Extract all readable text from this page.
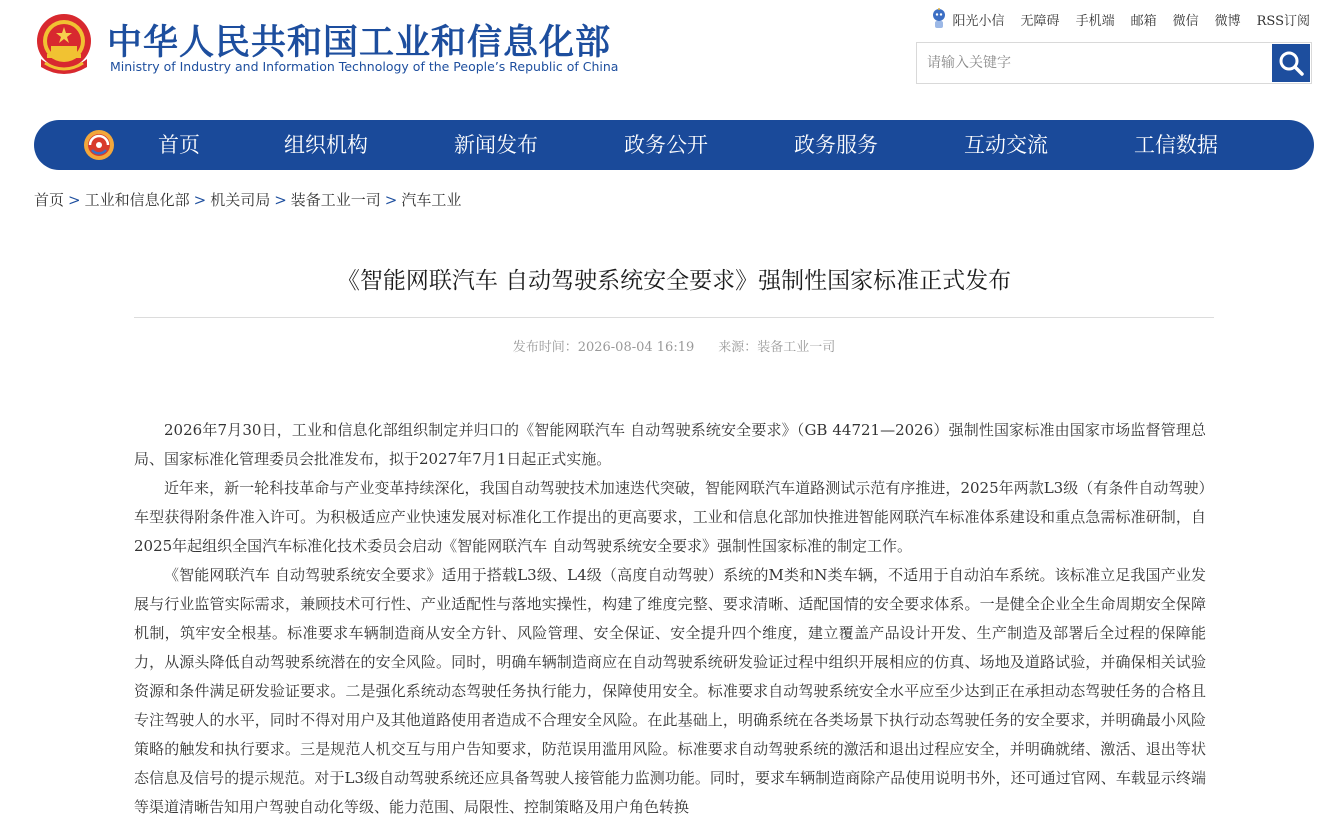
中华人民共和国工业和信息化部
Ministry of Industry and Information Technology of the People’s Republic of China
阳光小信 无障碍 手机端 邮箱 微信 微博 RSS订阅
请输入关键字
首页	组织机构	新闻发布	政务公开	政务服务	互动交流	工信数据
首页 > 工业和信息化部 > 机关司局 > 装备工业一司 > 汽车工业
《智能网联汽车 自动驾驶系统安全要求》强制性国家标准正式发布
发布时间：2026-08-04 16:19 来源：装备工业一司

2026年7月30日，工业和信息化部组织制定并归口的《智能网联汽车 自动驾驶系统安全要求》（GB 44721—2026）强制性国家标准由国家市场监督管理总局、国家标准化管理委员会批准发布，拟于2027年7月1日起正式实施。

近年来，新一轮科技革命与产业变革持续深化，我国自动驾驶技术加速迭代突破，智能网联汽车道路测试示范有序推进，2025年两款L3级（有条件自动驾驶）车型获得附条件准入许可。为积极适应产业快速发展对标准化工作提出的更高要求，工业和信息化部加快推进智能网联汽车标准体系建设和重点急需标准研制，自2025年起组织全国汽车标准化技术委员会启动《智能网联汽车 自动驾驶系统安全要求》强制性国家标准的制定工作。

《智能网联汽车 自动驾驶系统安全要求》适用于搭载L3级、L4级（高度自动驾驶）系统的M类和N类车辆，不适用于自动泊车系统。该标准立足我国产业发展与行业监管实际需求，兼顾技术可行性、产业适配性与落地实操性，构建了维度完整、要求清晰、适配国情的安全要求体系。一是健全企业全生命周期安全保障机制，筑牢安全根基。标准要求车辆制造商从安全方针、风险管理、安全保证、安全提升四个维度，建立覆盖产品设计开发、生产制造及部署后全过程的保障能力，从源头降低自动驾驶系统潜在的安全风险。同时，明确车辆制造商应在自动驾驶系统研发验证过程中组织开展相应的仿真、场地及道路试验，并确保相关试验资源和条件满足研发验证要求。二是强化系统动态驾驶任务执行能力，保障使用安全。标准要求自动驾驶系统安全水平应至少达到正在承担动态驾驶任务的合格且专注驾驶人的水平，同时不得对用户及其他道路使用者造成不合理安全风险。在此基础上，明确系统在各类场景下执行动态驾驶任务的安全要求，并明确最小风险策略的触发和执行要求。三是规范人机交互与用户告知要求，防范误用滥用风险。标准要求自动驾驶系统的激活和退出过程应安全，并明确就绪、激活、退出等状态信息及信号的提示规范。对于L3级自动驾驶系统还应具备驾驶人接管能力监测功能。同时，要求车辆制造商除产品使用说明书外，还可通过官网、车载显示终端等渠道清晰告知用户驾驶自动化等级、能力范围、局限性、控制策略及用户角色转换
